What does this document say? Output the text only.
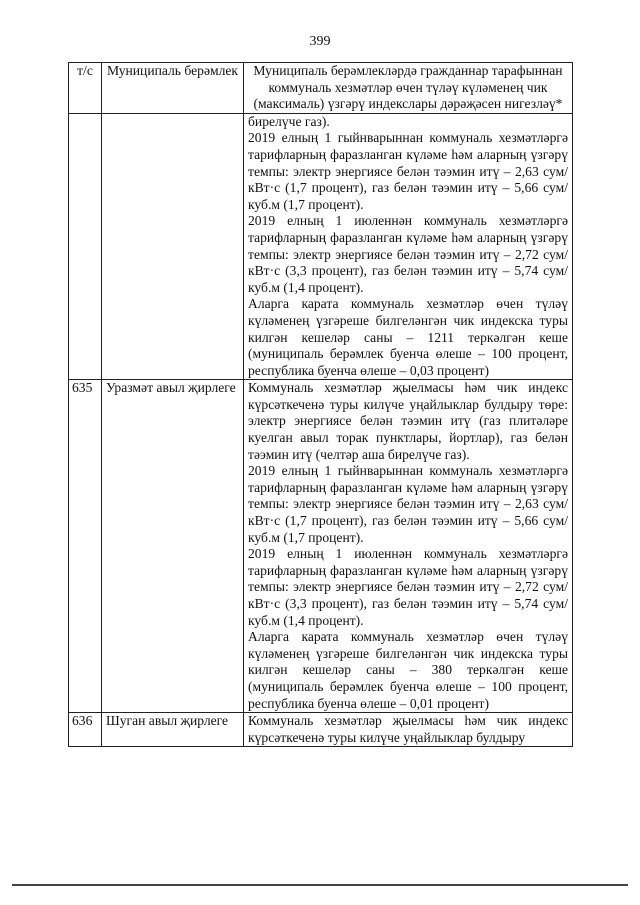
399
т/с	Муниципаль берәмлек	Муниципаль берәмлекләрдә гражданнар тарафыннан коммуналь хезмәтләр өчен түләү күләменең чик (максималь) үзгәрү индекслары дәрәҗәсен нигезләү*

		бирелүче газ).

2019 елның 1 гыйнварыннан коммуналь хезмәтләргә тарифларның фаразланган күләме һәм аларның үзгәрү темпы: электр энергиясе белән тәэмин итү – 2,63 сум/кВт·с (1,7 процент), газ белән тәэмин итү – 5,66 сум/куб.м (1,7 процент).

2019 елның 1 июленнән коммуналь хезмәтләргә тарифларның фаразланган күләме һәм аларның үзгәрү темпы: электр энергиясе белән тәэмин итү – 2,72 сум/кВт·с (3,3 процент), газ белән тәэмин итү – 5,74 сум/куб.м (1,4 процент).

Аларга карата коммуналь хезмәтләр өчен түләү күләменең үзгәреше билгеләнгән чик индекска туры килгән кешеләр саны – 1211 теркәлгән кеше (муниципаль берәмлек буенча өлеше – 100 процент, республика буенча өлеше – 0,03 процент)

635	Уразмәт авыл җирлеге	Коммуналь хезмәтләр җыелмасы һәм чик индекс күрсәткеченә туры килүче уңайлыклар булдыру төре: электр энергиясе белән тәэмин итү (газ плитәләре куелган авыл торак пунктлары, йортлар), газ белән тәэмин итү (челтәр аша бирелүче газ).

2019 елның 1 гыйнварыннан коммуналь хезмәтләргә тарифларның фаразланган күләме һәм аларның үзгәрү темпы: электр энергиясе белән тәэмин итү – 2,63 сум/кВт·с (1,7 процент), газ белән тәэмин итү – 5,66 сум/куб.м (1,7 процент).

2019 елның 1 июленнән коммуналь хезмәтләргә тарифларның фаразланган күләме һәм аларның үзгәрү темпы: электр энергиясе белән тәэмин итү – 2,72 сум/кВт·с (3,3 процент), газ белән тәэмин итү – 5,74 сум/куб.м (1,4 процент).

Аларга карата коммуналь хезмәтләр өчен түләү күләменең үзгәреше билгеләнгән чик индекска туры килгән кешеләр саны – 380 теркәлгән кеше (муниципаль берәмлек буенча өлеше – 100 процент, республика буенча өлеше – 0,01 процент)

636	Шуган авыл җирлеге	Коммуналь хезмәтләр җыелмасы һәм чик индекс күрсәткеченә туры килүче уңайлыклар булдыру
